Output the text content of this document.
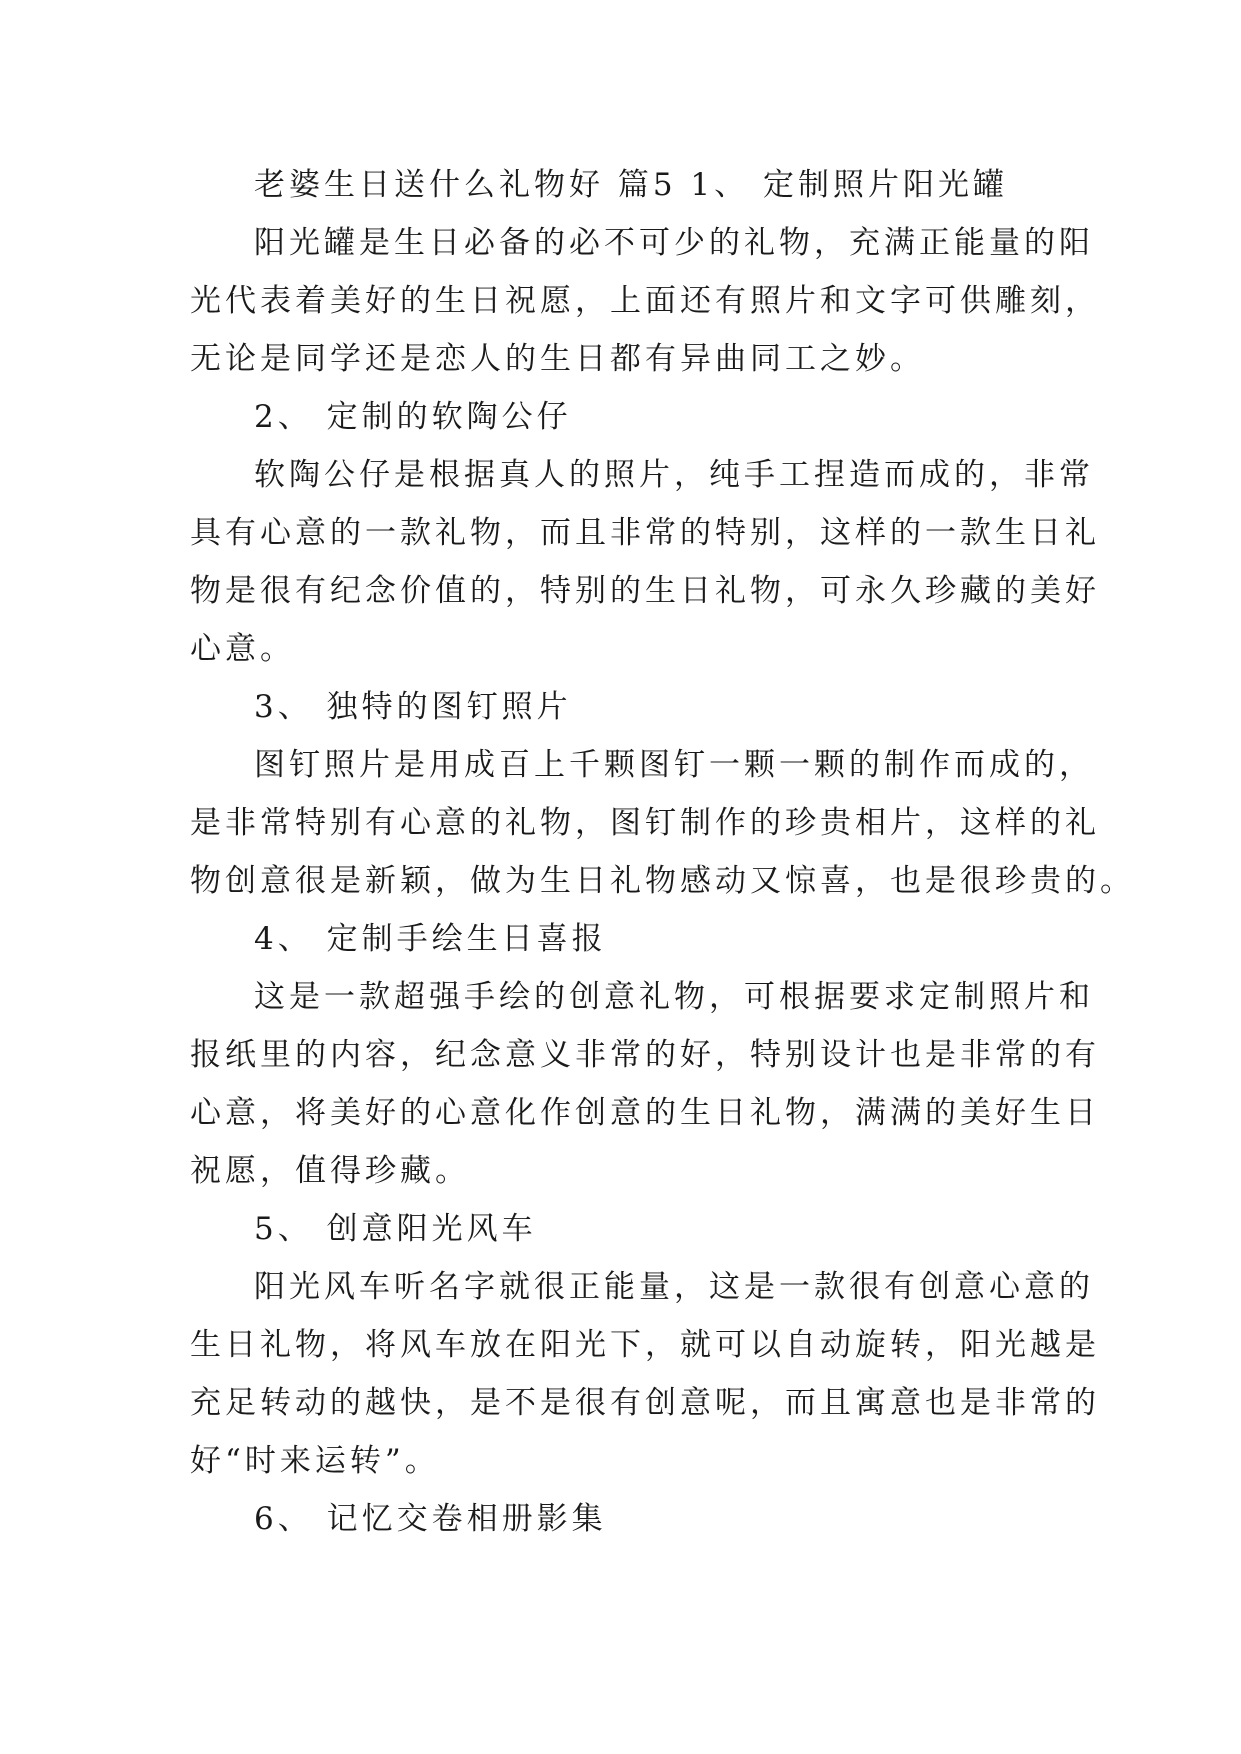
老婆生日送什么礼物好 篇5 1、 定制照片阳光罐
阳光罐是生日必备的必不可少的礼物，充满正能量的阳
光代表着美好的生日祝愿，上面还有照片和文字可供雕刻，
无论是同学还是恋人的生日都有异曲同工之妙。
2、 定制的软陶公仔
软陶公仔是根据真人的照片，纯手工捏造而成的，非常
具有心意的一款礼物，而且非常的特别，这样的一款生日礼
物是很有纪念价值的，特别的生日礼物，可永久珍藏的美好
心意。
3、 独特的图钉照片
图钉照片是用成百上千颗图钉一颗一颗的制作而成的，
是非常特别有心意的礼物，图钉制作的珍贵相片，这样的礼
物创意很是新颖，做为生日礼物感动又惊喜，也是很珍贵的。
4、 定制手绘生日喜报
这是一款超强手绘的创意礼物，可根据要求定制照片和
报纸里的内容，纪念意义非常的好，特别设计也是非常的有
心意，将美好的心意化作创意的生日礼物，满满的美好生日
祝愿，值得珍藏。
5、 创意阳光风车
阳光风车听名字就很正能量，这是一款很有创意心意的
生日礼物，将风车放在阳光下，就可以自动旋转，阳光越是
充足转动的越快，是不是很有创意呢，而且寓意也是非常的
好“时来运转”。
6、 记忆交卷相册影集
